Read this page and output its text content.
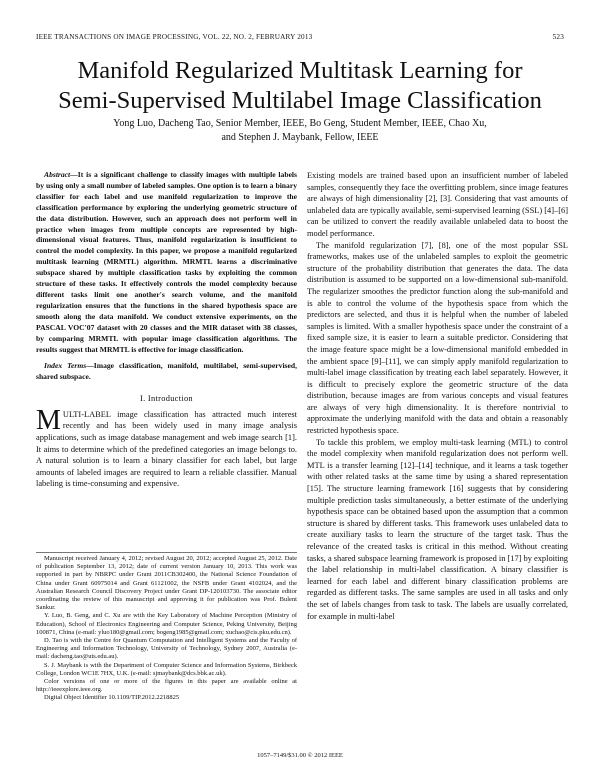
IEEE TRANSACTIONS ON IMAGE PROCESSING, VOL. 22, NO. 2, FEBRUARY 2013	523
Manifold Regularized Multitask Learning for
Semi-Supervised Multilabel Image Classification
Yong Luo, Dacheng Tao, Senior Member, IEEE, Bo Geng, Student Member, IEEE, Chao Xu,
and Stephen J. Maybank, Fellow, IEEE

Abstract—It is a significant challenge to classify images with multiple labels by using only a small number of labeled samples. One option is to learn a binary classifier for each label and use manifold regularization to improve the classification performance by exploring the underlying geometric structure of the data distribution. However, such an approach does not perform well in practice when images from multiple concepts are represented by high-dimensional visual features. Thus, manifold regularization is insufficient to control the model complexity. In this paper, we propose a manifold regularized multitask learning (MRMTL) algorithm. MRMTL learns a discriminative subspace shared by multiple classification tasks by exploiting the common structure of these tasks. It effectively controls the model complexity because different tasks limit one another's search volume, and the manifold regularization ensures that the functions in the shared hypothesis space are smooth along the data manifold. We conduct extensive experiments, on the PASCAL VOC'07 dataset with 20 classes and the MIR dataset with 38 classes, by comparing MRMTL with popular image classification algorithms. The results suggest that MRMTL is effective for image classification.

Index Terms—Image classification, manifold, multilabel, semi-supervised, shared subspace.

I. Introduction

MULTI-LABEL image classification has attracted much interest recently and has been widely used in many image analysis applications, such as image database management and web image search [1]. It aims to determine which of the predefined categories an image belongs to. A natural solution is to learn a binary classifier for each label, but large amounts of labeled images are required to learn a reliable classifier. Manual labeling is time-consuming and expensive.

Manuscript received January 4, 2012; revised August 20, 2012; accepted August 25, 2012. Date of publication September 13, 2012; date of current version January 10, 2013. This work was supported in part by NBRPC under Grant 2011CB302400, the National Science Foundation of China under Grant 60975014 and Grant 61121002, the NSFB under Grant 4102024, and the Australian Research Council Discovery Project under Grant DP-120103730. The associate editor coordinating the review of this manuscript and approving it for publication was Prof. Bulent Sankur.

Y. Luo, B. Geng, and C. Xu are with the Key Laboratory of Machine Perception (Ministry of Education), School of Electronics Engineering and Computer Science, Peking University, Beijing 100871, China (e-mail: yluo180@gmail.com; bogeng1985@gmail.com; xuchao@cis.pku.edu.cn).

D. Tao is with the Centre for Quantum Computation and Intelligent Systems and the Faculty of Engineering and Information Technology, University of Technology, Sydney 2007, Australia (e-mail: dacheng.tao@uts.edu.au).

S. J. Maybank is with the Department of Computer Science and Information Systems, Birkbeck College, London WC1E 7HX, U.K. (e-mail: sjmaybank@dcs.bbk.ac.uk).

Color versions of one or more of the figures in this paper are available online at http://ieeexplore.ieee.org.

Digital Object Identifier 10.1109/TIP.2012.2218825

Existing models are trained based upon an insufficient number of labeled samples, consequently they face the overfitting problem, since image features are always of high dimensionality [2], [3]. Considering that vast amounts of unlabeled data are typically available, semi-supervised learning (SSL) [4]–[6] can be utilized to convert the readily available unlabeled data to boost the model performance.

The manifold regularization [7], [8], one of the most popular SSL frameworks, makes use of the unlabeled samples to exploit the geometric structure of the probability distribution that generates the data. The data distribution is assumed to be supported on a low-dimensional sub-manifold. The regularizer smoothes the predictor function along the sub-manifold and is able to control the volume of the hypothesis space from which the predictors are selected, and thus it is helpful when the number of labeled samples is limited. With a smaller hypothesis space under the constraint of a fixed sample size, it is easier to learn a suitable predictor. Considering that the image feature space might be a low-dimensional manifold embedded in the ambient space [9]–[11], we can simply apply manifold regularization to multi-label image classification by treating each label separately. However, it is difficult to precisely explore the geometric structure of the data distribution, because images are from various concepts and visual features are always of very high dimensionality. It is therefore nontrivial to approximate the underlying manifold with the data and obtain a reasonably restricted hypothesis space.

To tackle this problem, we employ multi-task learning (MTL) to control the model complexity when manifold regularization does not perform well. MTL is a transfer learning [12]–[14] technique, and it learns a task together with other related tasks at the same time by using a shared representation [15]. The structure learning framework [16] suggests that by considering multiple prediction tasks simultaneously, a better estimate of the underlying hypothesis space can be obtained based upon the assumption that a common structure is shared by different tasks. This framework uses unlabeled data to create auxiliary tasks to learn the structure of the target task. Thus the relevance of the created tasks is critical in this method. Without creating tasks, a shared subspace learning framework is proposed in [17] by exploiting the label relationship in multi-label classification. A binary classifier is learned for each label and different binary classification problems are regarded as different tasks. The same samples are used in all tasks and only the set of labels changes from task to task. The labels are usually correlated, for example in multi-label

1057–7149/$31.00 © 2012 IEEE
